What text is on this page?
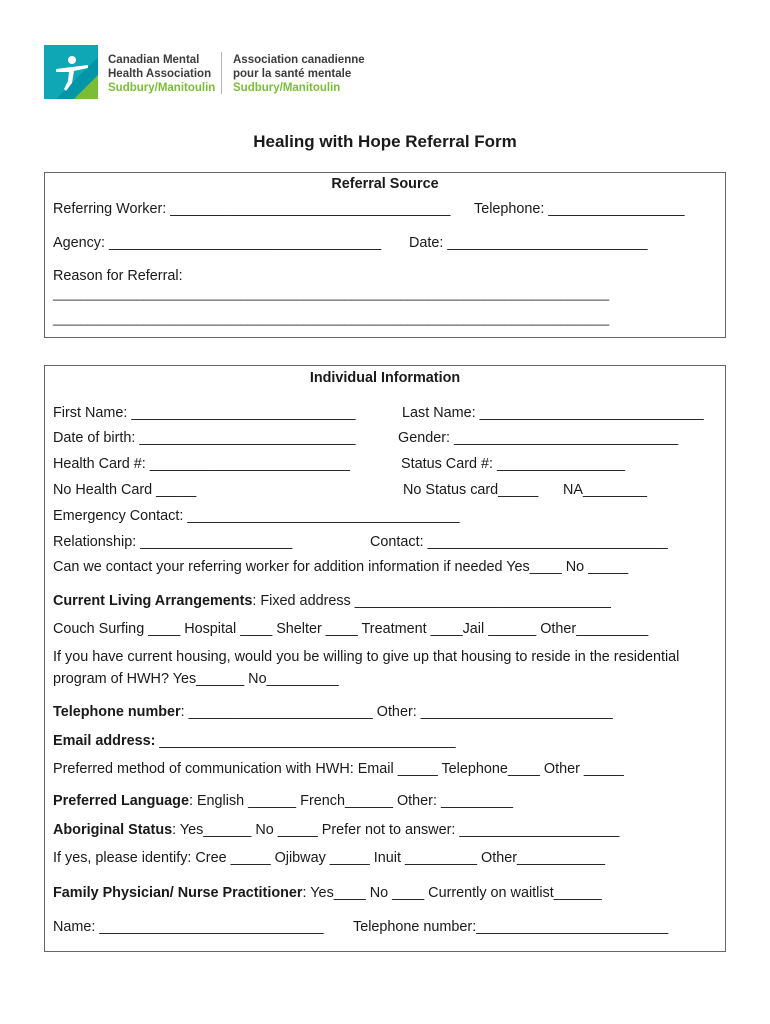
Canadian Mental
Health Association
Sudbury/Manitoulin
Association canadienne
pour la santé mentale
Sudbury/Manitoulin
Healing with Hope Referral Form
Referral Source
Referring Worker: ___________________________________ Telephone: _________________
Agency: __________________________________ Date: _________________________
Reason for Referral:
________________________________________________________________________________
________________________________________________________________________________
Individual Information
First Name: ____________________________	Last Name: ____________________________
Date of birth: ___________________________	Gender: ____________________________
Health Card #: _________________________	Status Card #: ________________
No Health Card _____	No Status card_____ NA________
Emergency Contact: __________________________________
Relationship: ___________________	Contact: ______________________________
Can we contact your referring worker for addition information if needed Yes____ No _____
Current Living Arrangements: Fixed address ________________________________
Couch Surfing ____ Hospital ____ Shelter ____ Treatment ____Jail ______ Other_________
If you have current housing, would you be willing to give up that housing to reside in the residential
program of HWH? Yes______ No_________
Telephone number: _______________________ Other: ________________________
Email address: _____________________________________
Preferred method of communication with HWH: Email _____ Telephone____ Other _____
Preferred Language: English ______ French______ Other: _________
Aboriginal Status: Yes______ No _____ Prefer not to answer: ____________________
If yes, please identify: Cree _____ Ojibway _____ Inuit _________ Other___________
Family Physician/ Nurse Practitioner: Yes____ No ____ Currently on waitlist______
Name: ____________________________ Telephone number:________________________
